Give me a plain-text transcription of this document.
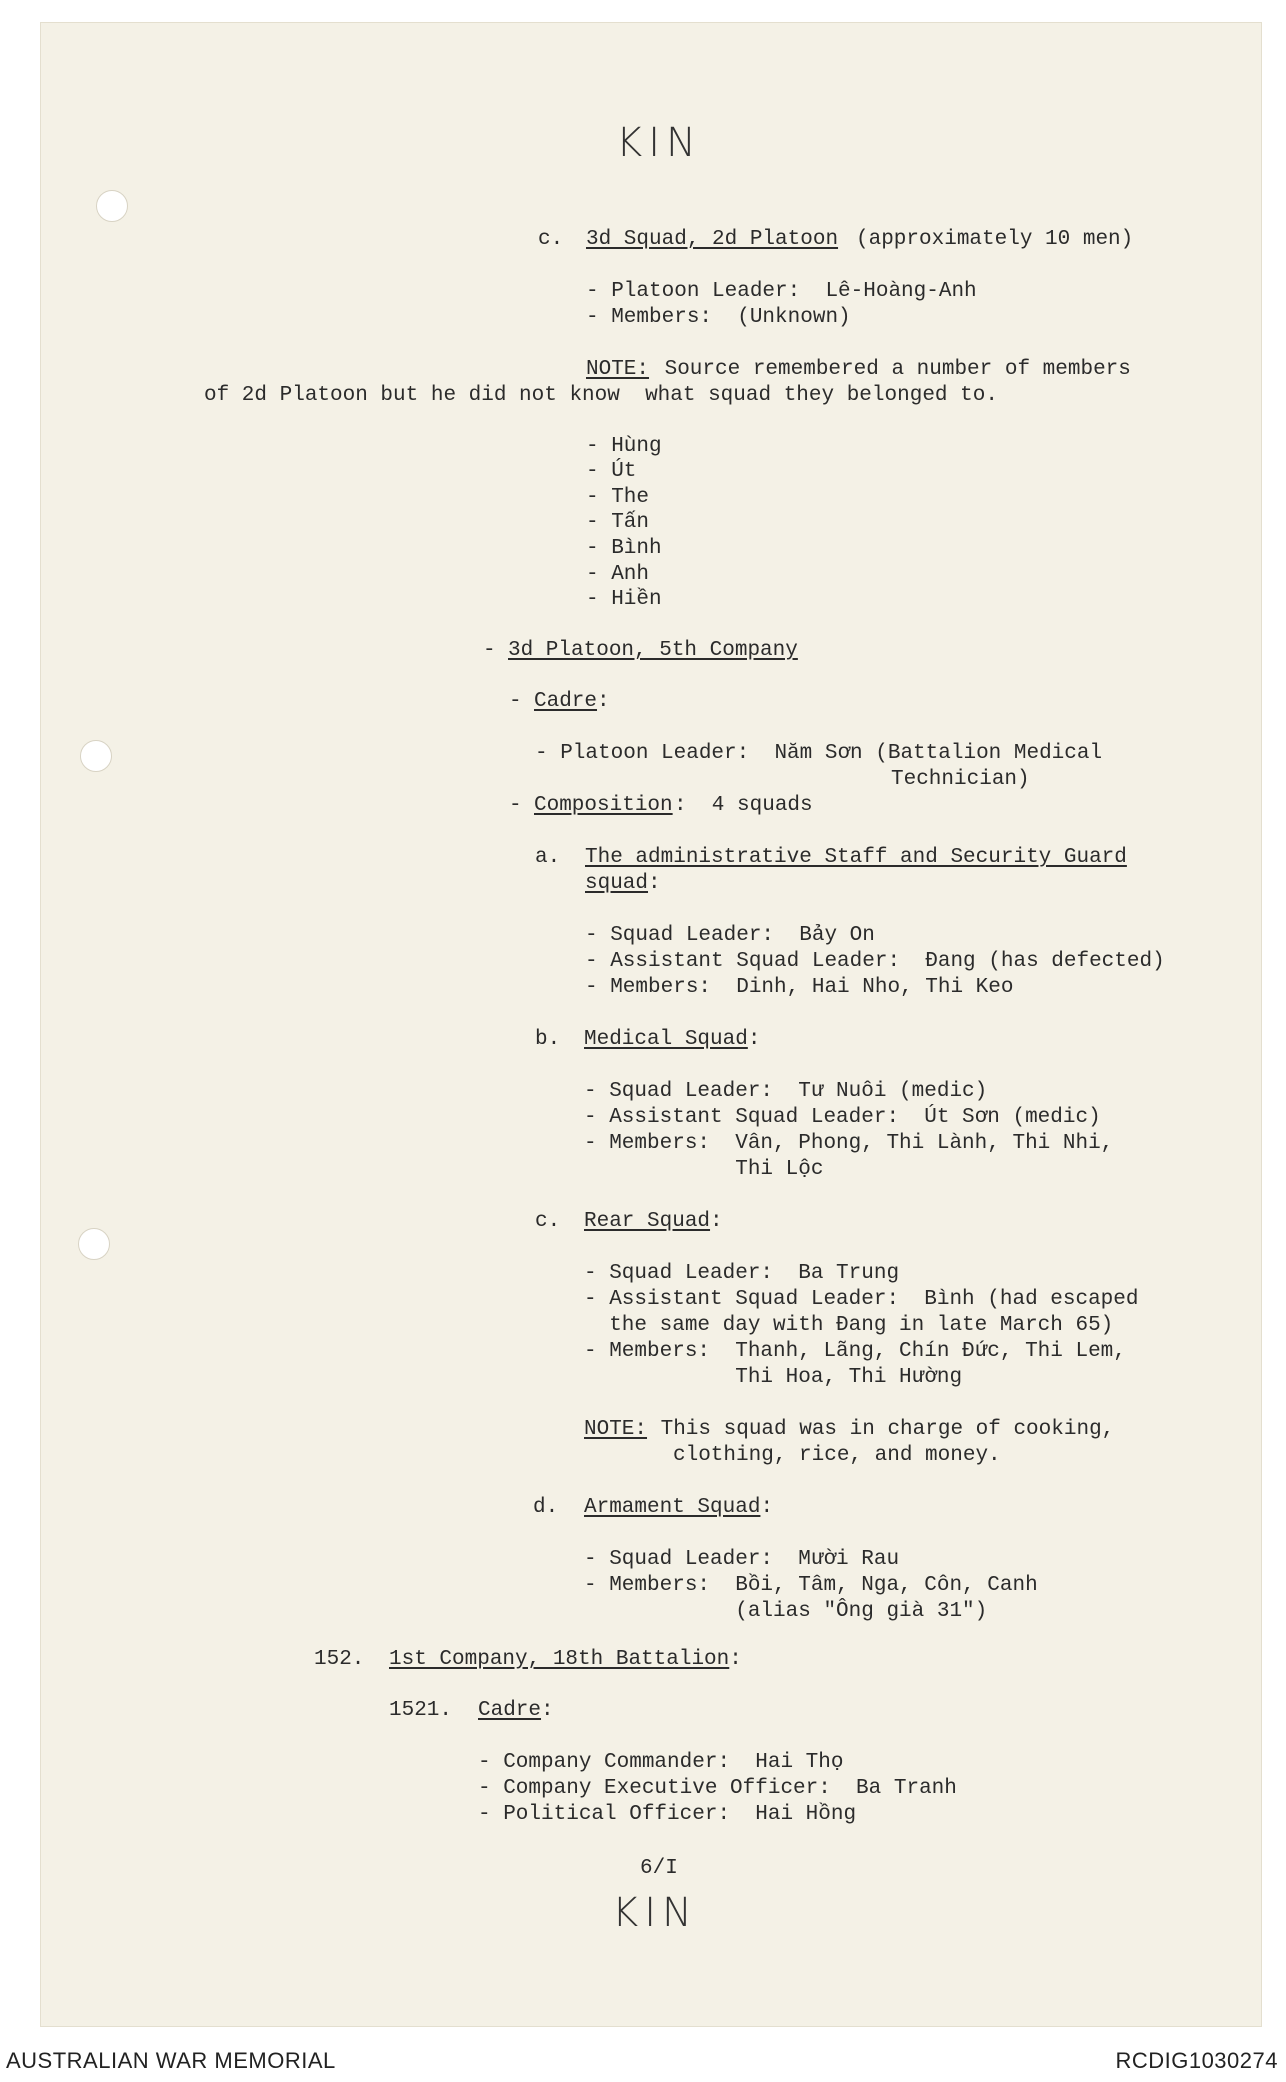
KIN
c. 3d Squad, 2d Platoon (approximately 10 men)
- Platoon Leader:  Lê-Hoàng-Anh
- Members:  (Unknown)
NOTE: Source remembered a number of members
of 2d Platoon but he did not know  what squad they belonged to.
- Hùng
- Út
- The
- Tấn
- Bình
- Anh
- Hiền
- 3d Platoon, 5th Company
- Cadre :
- Platoon Leader:  Năm Sơn (Battalion Medical
Technician)
- Composition :  4 squads
a. The administrative Staff and Security Guard
squad:
- Squad Leader:  Bảy On
- Assistant Squad Leader:  Đang (has defected)
- Members:  Dinh, Hai Nho, Thi Keo
b. Medical Squad:
- Squad Leader:  Tư Nuôi (medic)
- Assistant Squad Leader:  Út Sơn (medic)
- Members:  Vân, Phong, Thi Lành, Thi Nhi,
Thi Lộc
c. Rear Squad:
- Squad Leader:  Ba Trung
- Assistant Squad Leader:  Bình (had escaped
the same day with Đang in late March 65)
- Members:  Thanh, Lãng, Chín Đức, Thi Lem,
Thi Hoa, Thi Hường
NOTE: This squad was in charge of cooking,
clothing, rice, and money.
d. Armament Squad:
- Squad Leader:  Mười Rau
- Members:  Bồi, Tâm, Nga, Côn, Canh
(alias "Ông già 31")
152. 1st Company, 18th Battalion:
1521. Cadre:
- Company Commander:  Hai Thọ
- Company Executive Officer:  Ba Tranh
- Political Officer:  Hai Hồng
6/I
KIN
AUSTRALIAN WAR MEMORIAL	RCDIG1030274
